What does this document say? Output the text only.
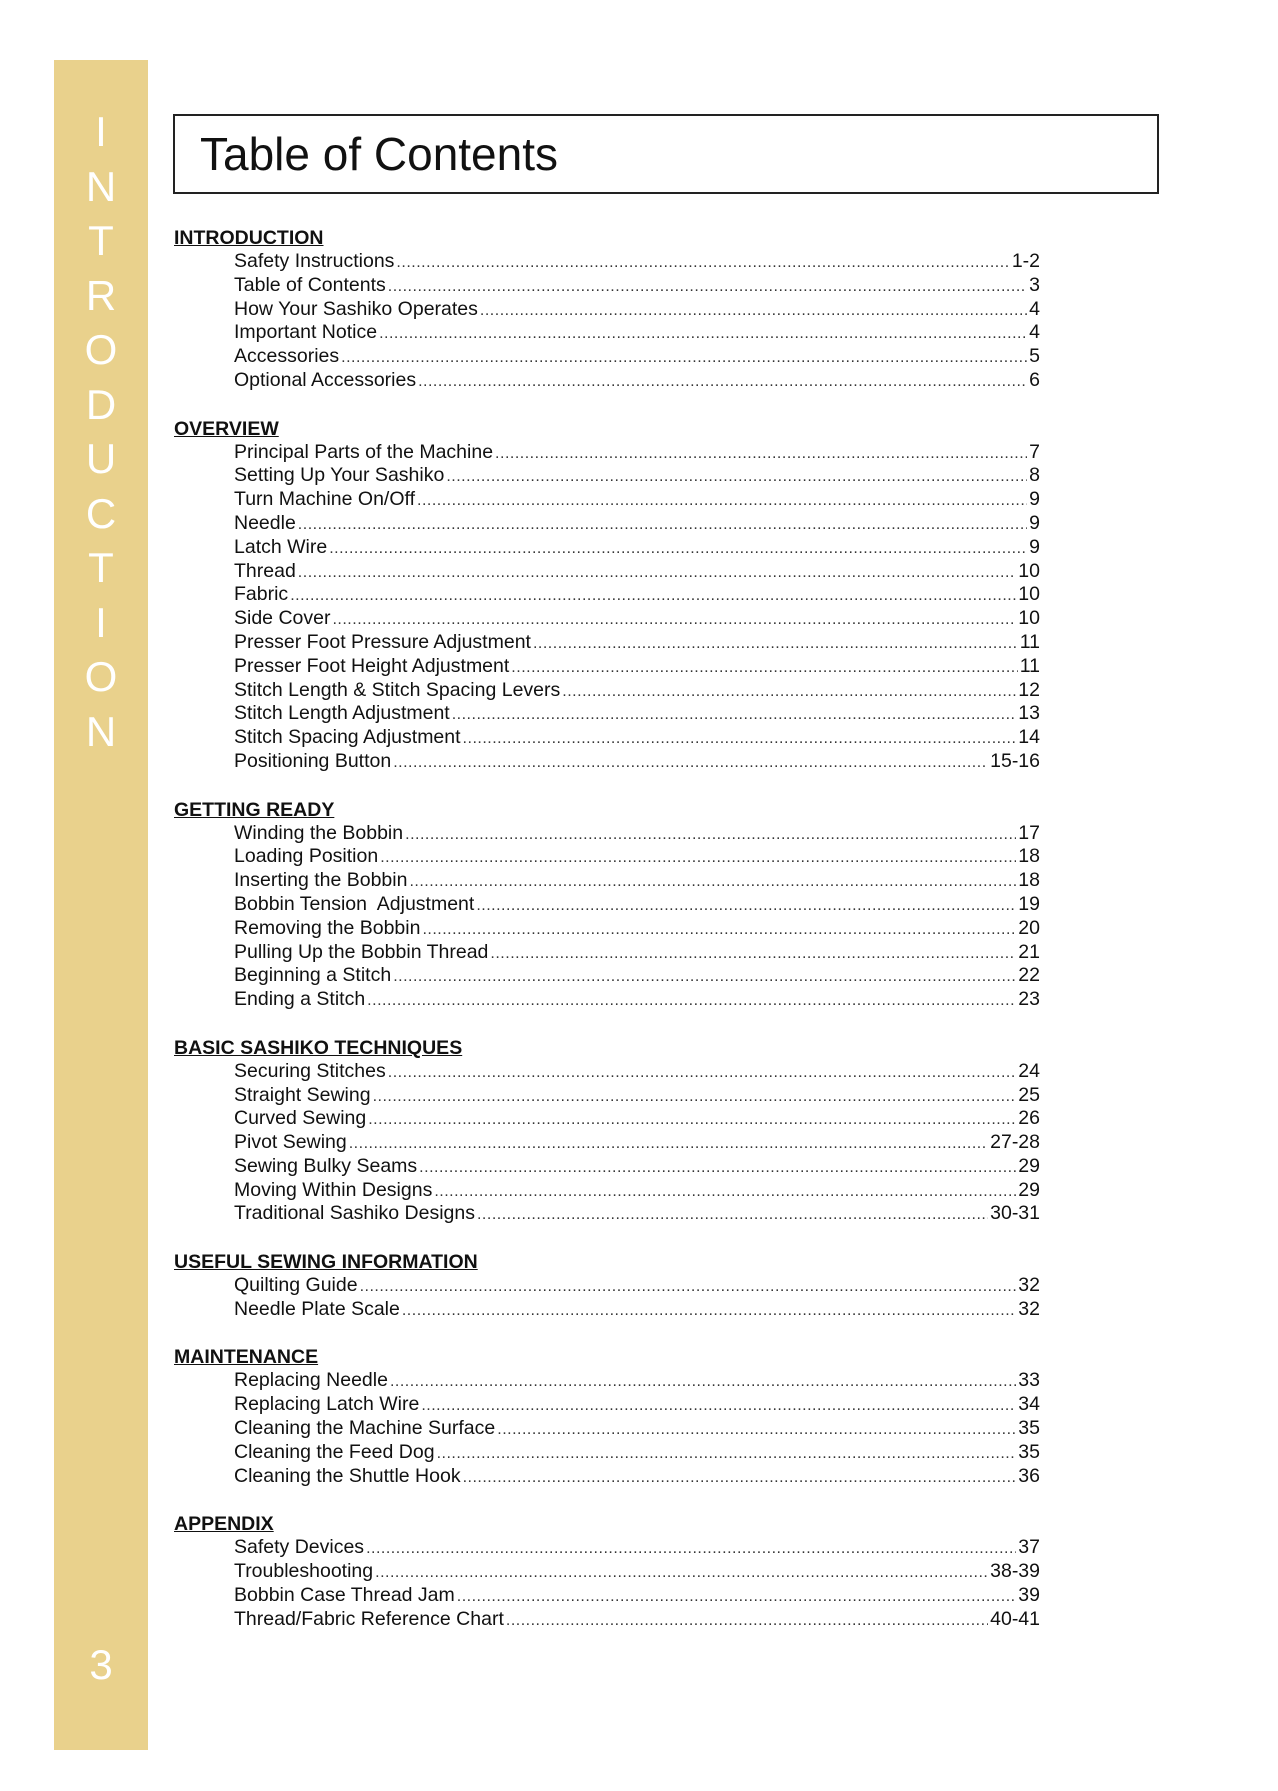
I
N
T
R
O
D
U
C
T
I
O
N
3
Table of Contents
INTRODUCTION
Safety Instructions .....	1-2
Table of Contents .....	3
How Your Sashiko Operates .....	4
Important Notice .....	4
Accessories .....	5
Optional Accessories .....	6
OVERVIEW
Principal Parts of the Machine .....	7
Setting Up Your Sashiko .....	8
Turn Machine On/Off .....	9
Needle .....	9
Latch Wire .....	9
Thread .....	10
Fabric .....	10
Side Cover .....	10
Presser Foot Pressure Adjustment .....	11
Presser Foot Height Adjustment .....	11
Stitch Length & Stitch Spacing Levers .....	12
Stitch Length Adjustment .....	13
Stitch Spacing Adjustment .....	14
Positioning Button .....	15-16
GETTING READY
Winding the Bobbin .....	17
Loading Position .....	18
Inserting the Bobbin .....	18
Bobbin Tension  Adjustment .....	19
Removing the Bobbin .....	20
Pulling Up the Bobbin Thread .....	21
Beginning a Stitch .....	22
Ending a Stitch .....	23
BASIC SASHIKO TECHNIQUES
Securing Stitches .....	24
Straight Sewing .....	25
Curved Sewing .....	26
Pivot Sewing .....	27-28
Sewing Bulky Seams .....	29
Moving Within Designs .....	29
Traditional Sashiko Designs .....	30-31
USEFUL SEWING INFORMATION
Quilting Guide .....	32
Needle Plate Scale .....	32
MAINTENANCE
Replacing Needle .....	33
Replacing Latch Wire .....	34
Cleaning the Machine Surface .....	35
Cleaning the Feed Dog .....	35
Cleaning the Shuttle Hook .....	36
APPENDIX
Safety Devices .....	37
Troubleshooting .....	38-39
Bobbin Case Thread Jam .....	39
Thread/Fabric Reference Chart .....	40-41
